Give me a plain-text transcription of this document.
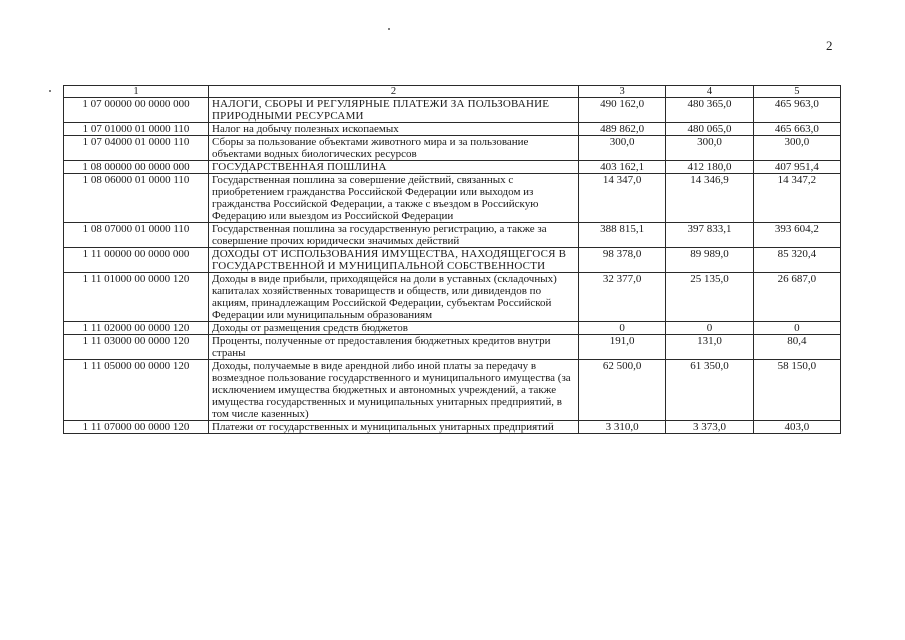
2
1	2	3	4	5
1 07 00000 00 0000 000	НАЛОГИ, СБОРЫ И РЕГУЛЯРНЫЕ ПЛАТЕЖИ ЗА ПОЛЬЗОВАНИЕ ПРИРОДНЫМИ РЕСУРСАМИ	490 162,0	480 365,0	465 963,0
1 07 01000 01 0000 110	Налог на добычу полезных ископаемых	489 862,0	480 065,0	465 663,0
1 07 04000 01 0000 110	Сборы за пользование объектами животного мира и за пользование объектами водных биологических ресурсов	300,0	300,0	300,0
1 08 00000 00 0000 000	ГОСУДАРСТВЕННАЯ ПОШЛИНА	403 162,1	412 180,0	407 951,4
1 08 06000 01 0000 110	Государственная пошлина за совершение действий, связанных с приобретением гражданства Российской Федерации или выходом из гражданства Российской Федерации, а также с въездом в Российскую Федерацию или выездом из Российской Федерации	14 347,0	14 346,9	14 347,2
1 08 07000 01 0000 110	Государственная пошлина за государственную регистрацию, а также за совершение прочих юридически значимых действий	388 815,1	397 833,1	393 604,2
1 11 00000 00 0000 000	ДОХОДЫ ОТ ИСПОЛЬЗОВАНИЯ ИМУЩЕСТВА, НАХОДЯЩЕГОСЯ В ГОСУДАРСТВЕННОЙ И МУНИЦИПАЛЬНОЙ СОБСТВЕННОСТИ	98 378,0	89 989,0	85 320,4
1 11 01000 00 0000 120	Доходы в виде прибыли, приходящейся на доли в уставных (складочных) капиталах хозяйственных товариществ и обществ, или дивидендов по акциям, принадлежащим Российской Федерации, субъектам Российской Федерации или муниципальным образованиям	32 377,0	25 135,0	26 687,0
1 11 02000 00 0000 120	Доходы от размещения средств бюджетов	0	0	0
1 11 03000 00 0000 120	Проценты, полученные от предоставления бюджетных кредитов внутри страны	191,0	131,0	80,4
1 11 05000 00 0000 120	Доходы, получаемые в виде арендной либо иной платы за передачу в возмездное пользование государственного и муниципального имущества (за исключением имущества бюджетных и автономных учреждений, а также имущества государственных и муниципальных унитарных предприятий, в том числе казенных)	62 500,0	61 350,0	58 150,0
1 11 07000 00 0000 120	Платежи от государственных и муниципальных унитарных предприятий	3 310,0	3 373,0	403,0
